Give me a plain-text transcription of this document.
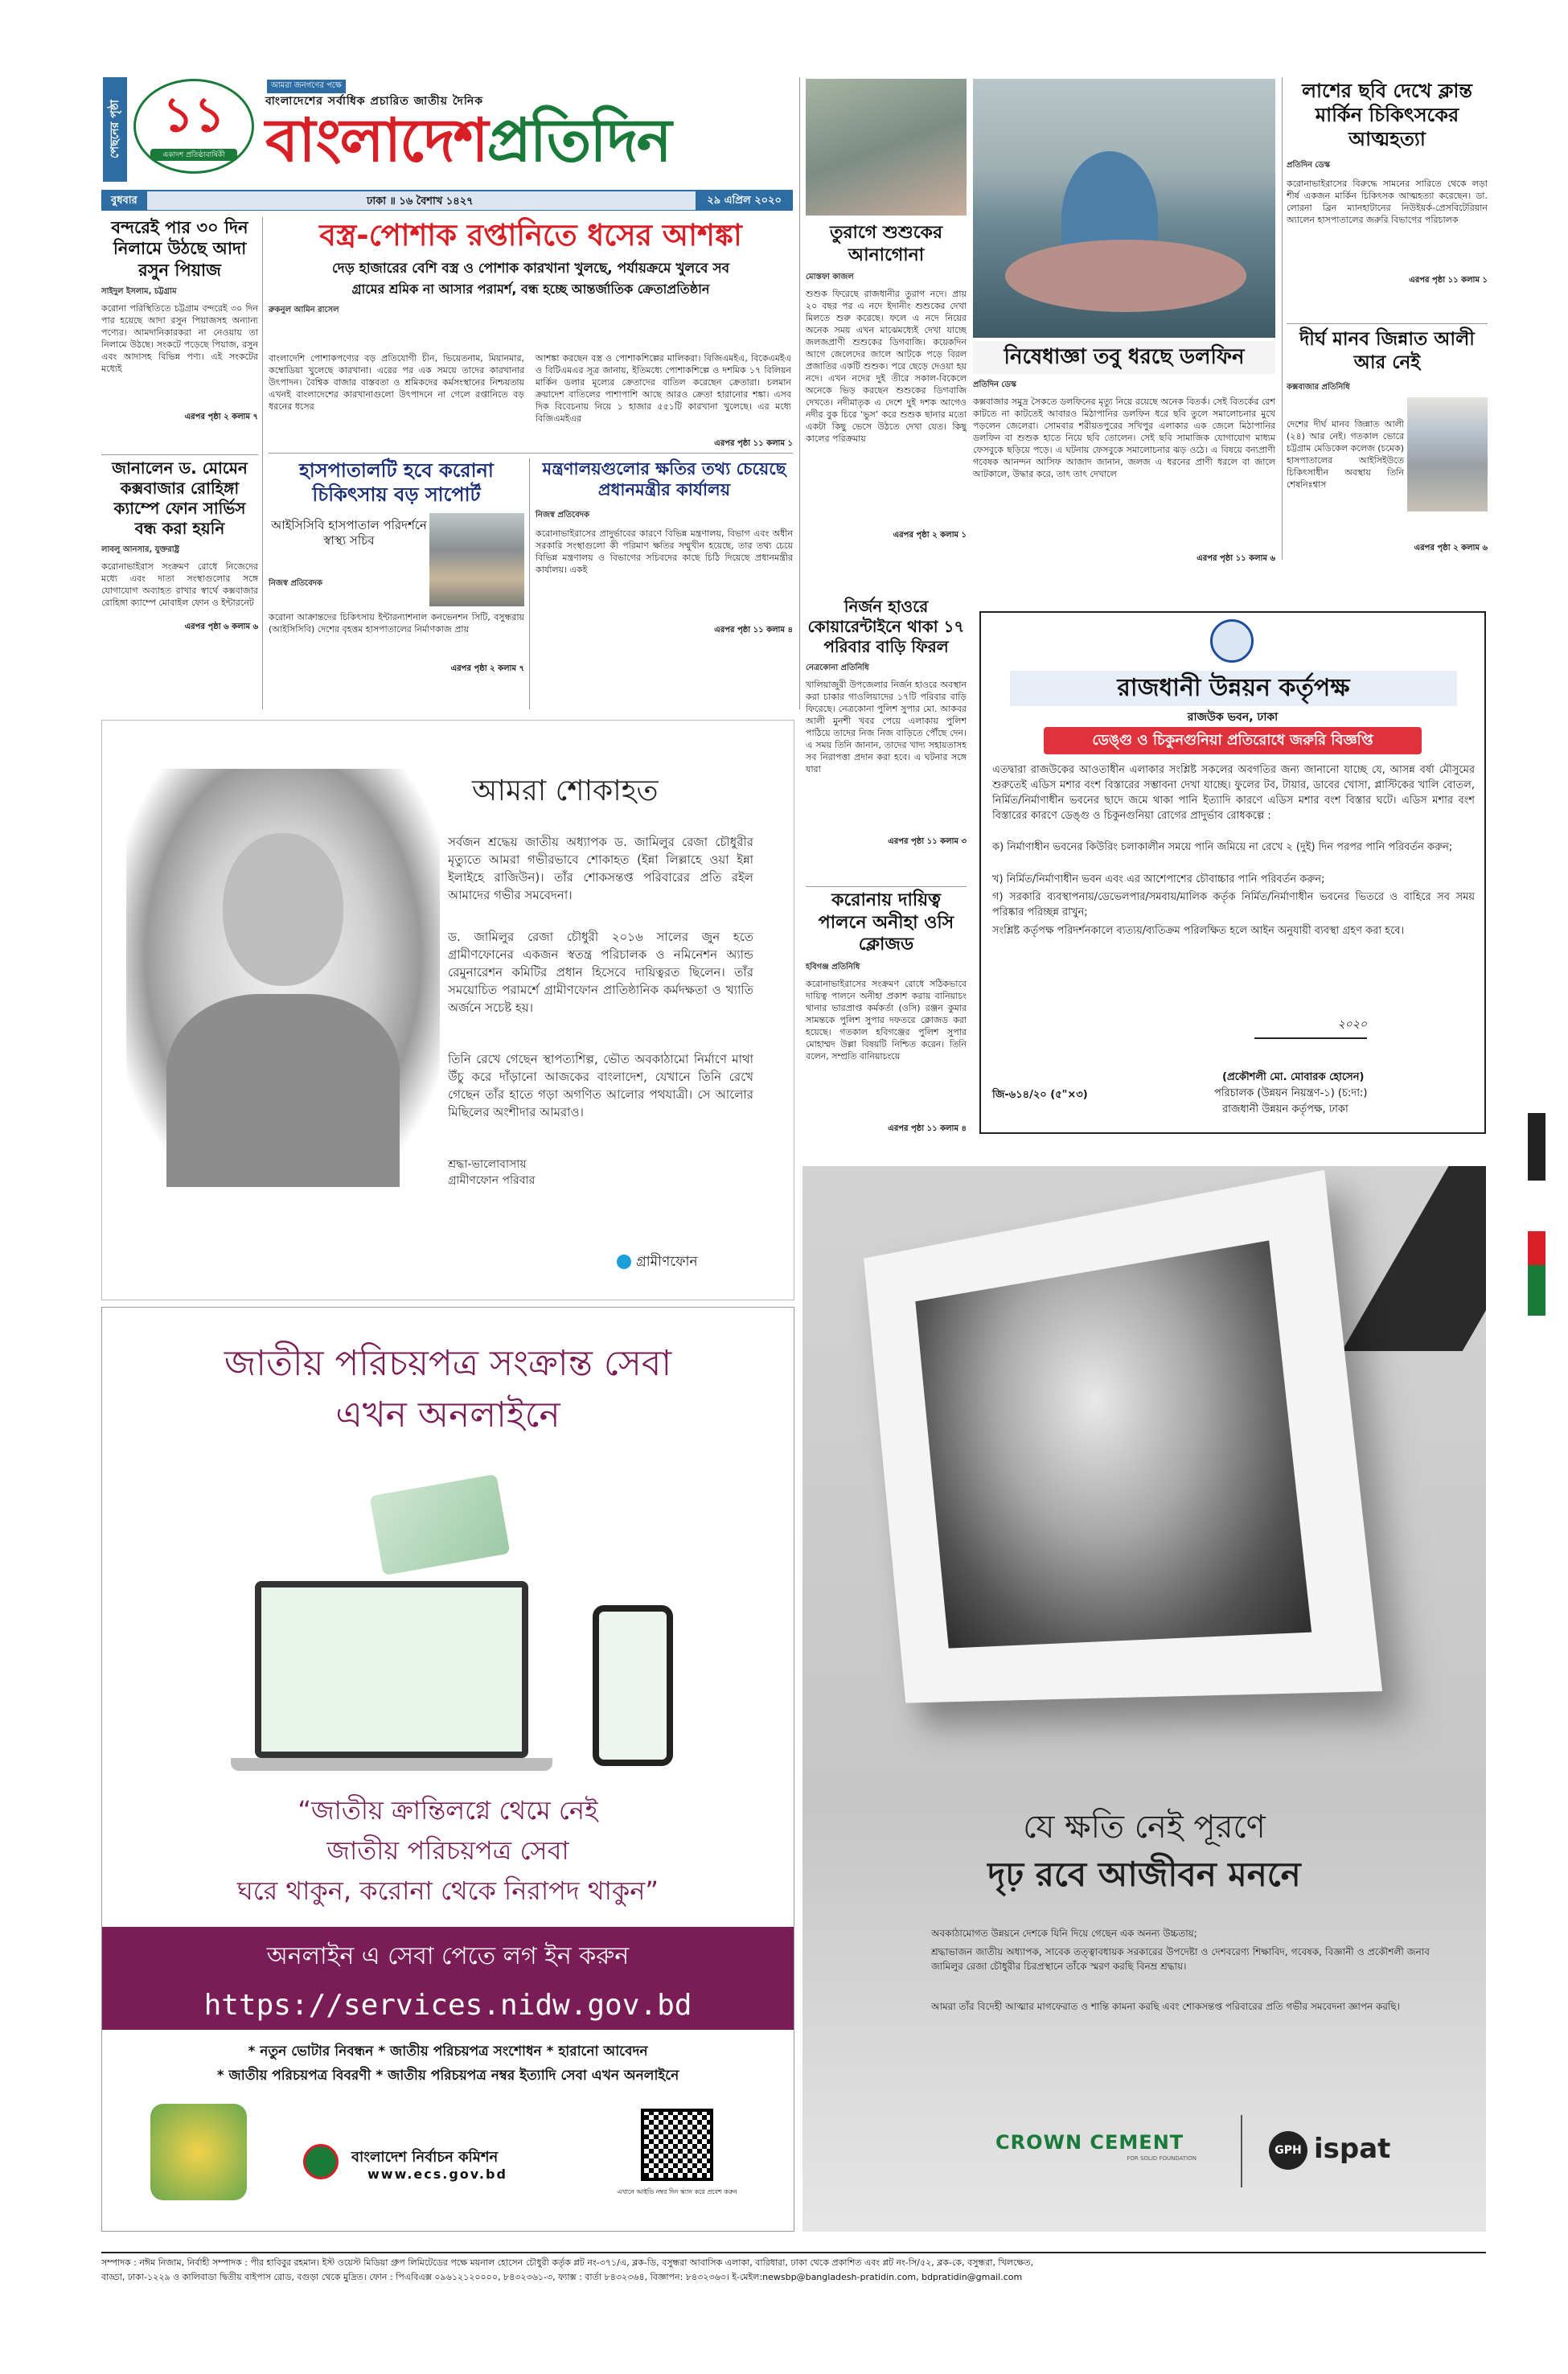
পেছনের পৃষ্ঠা ১১
একাদশ প্রতিষ্ঠাবার্ষিকী
আমরা জনগণের পক্ষে
বাংলাদেশের সর্বাধিক প্রচারিত জাতীয় দৈনিক
বাংলাদেশপ্রতিদিন
বুধবার	ঢাকা ॥ ১৬ বৈশাখ ১৪২৭	২৯ এপ্রিল ২০২০
বন্দরেই পার ৩০ দিন নিলামে উঠছে আদা রসুন পিয়াজ
সাইদুল ইসলাম, চট্টগ্রাম
করোনা পরিস্থিতিতে চট্টগ্রাম বন্দরেই ৩০ দিন পার হয়েছে আদা রসুন পিয়াজসহ অন্যান্য পণ্যের। আমদানিকারকরা না নেওয়ায় তা নিলামে উঠছে। সংকটে পড়েছে পিয়াজ, রসুন এবং আদাসহ বিভিন্ন পণ্য। এই সংকটের মধ্যেই
এরপর পৃষ্ঠা ২ কলাম ৭
জানালেন ড. মোমেন কক্সবাজার রোহিঙ্গা ক্যাম্পে ফোন সার্ভিস বন্ধ করা হয়নি
লাবলু আনসার, যুক্তরাষ্ট্র
করোনাভাইরাস সংক্রমণ রোধে নিজেদের মধ্যে এবং দাতা সংস্থাগুলোর সঙ্গে যোগাযোগ অব্যাহত রাখার স্বার্থে কক্সবাজার রোহিঙ্গা ক্যাম্পে মোবাইল ফোন ও ইন্টারনেট
এরপর পৃষ্ঠা ৬ কলাম ৬
বস্ত্র-পোশাক রপ্তানিতে ধসের আশঙ্কা
দেড় হাজারের বেশি বস্ত্র ও পোশাক কারখানা খুলছে, পর্যায়ক্রমে খুলবে সব
গ্রামের শ্রমিক না আসার পরামর্শ, বন্ধ হচ্ছে আন্তর্জাতিক ক্রেতাপ্রতিষ্ঠান
রুকনুল আমিন রাসেল
বাংলাদেশি পোশাকপণ্যের বড় প্রতিযোগী চীন, ভিয়েতনাম, মিয়ানমার, কম্বোডিয়া খুলেছে কারখানা। এরের পর এক সময়ে তাদের কারখানার উৎপাদন। বৈশ্বিক বাজার বাস্তবতা ও শ্রমিকদের কর্মসংস্থানের নিশ্চয়তায় এখনই বাংলাদেশের কারখানাগুলো উৎপাদনে না গেলে রপ্তানিতে বড় ধরনের ধসের
আশঙ্কা করছেন বস্ত্র ও পোশাকশিল্পের মালিকরা। বিজিএমইএ, বিকেএমইএ ও বিটিএমএর সূত্র জানায়, ইতিমধ্যে পোশাকশিল্পে ও দশমিক ১৭ বিলিয়ন মার্কিন ডলার মূল্যের ক্রেতাদের বাতিল করেছেন ক্রেতারা। চলমান ক্রয়াদেশ বাতিলের পাশাপাশি আছে আরও ক্রেতা হারানোর শঙ্কা। এসব দিক বিবেচনায় নিয়ে ১ হাজার ৫৫১টি কারখানা খুলেছে। এর মধ্যে বিজিএমইএর
এরপর পৃষ্ঠা ১১ কলাম ১
হাসপাতালটি হবে করোনা চিকিৎসায় বড় সাপোর্ট
আইসিসিবি হাসপাতাল পরিদর্শনে স্বাস্থ্য সচিব
নিজস্ব প্রতিবেদক
করোনা আক্রান্তদের চিকিৎসায় ইন্টারন্যাশনাল কনভেনশন সিটি, বসুন্ধরায় (আইসিসিবি) দেশের বৃহত্তম হাসপাতালের নির্মাণকাজ প্রায়
এরপর পৃষ্ঠা ২ কলাম ৭
মন্ত্রণালয়গুলোর ক্ষতির তথ্য চেয়েছে প্রধানমন্ত্রীর কার্যালয়
নিজস্ব প্রতিবেদক
করোনাভাইরাসের প্রাদুর্ভাবের কারণে বিভিন্ন মন্ত্রণালয়, বিভাগ এবং অধীন সরকারি সংস্থাগুলো কী পরিমাণ ক্ষতির সম্মুখীন হয়েছে, তার তথ্য চেয়ে বিভিন্ন মন্ত্রণালয় ও বিভাগের সচিবদের কাছে চিঠি দিয়েছে প্রধানমন্ত্রীর কার্যালয়। একই
এরপর পৃষ্ঠা ১১ কলাম ৪
তুরাগে শুশুকের আনাগোনা
মোস্তফা কাজল
শুশুক ফিরেছে রাজধানীর তুরাগ নদে। প্রায় ২০ বছর পর এ নদে ইদানীং শুশুকের দেখা মিলতে শুরু করেছে। ফলে এ নদে নিয়ের অনেক সময় এখন মাঝেমধ্যেই দেখা যাচ্ছে জলজপ্রাণী শুশুকের ডিগবাজি। কয়েকদিন আগে জেলেদের জালে আটকে পড়ে বিরল প্রজাতির একটি শুশুক। পরে ছেড়ে দেওয়া হয় নদে। এখন নদের দুই তীরে সকাল-বিকেলে অনেকে ভিড় করছেন শুশুকের ডিগবাজি দেখতে। নদীমাতৃক এ দেশে দুই দশক আগেও নদীর বুক চিরে ‘ভুস’ করে শুশুক ছানার মতো একটা কিছু ভেসে উঠতে দেখা যেত। কিছু কালের পরিক্রমায়
এরপর পৃষ্ঠা ২ কলাম ১
নিষেধাজ্ঞা তবু ধরছে ডলফিন
প্রতিদিন ডেস্ক
কক্সবাজার সমুদ্র সৈকতে ডলফিনের মৃত্যু নিয়ে রয়েছে অনেক বিতর্ক। সেই বিতর্কের রেশ কাটতে না কাটতেই আবারও মিঠাপানির ডলফিন ধরে ছবি তুলে সমালোচনার মুখে পড়লেন জেলেরা। সোমবার শরীয়তপুরের সখিপুর এলাকার এক জেলে মিঠাপানির ডলফিন বা শুশুক হাতে নিয়ে ছবি তোলেন। সেই ছবি সামাজিক যোগাযোগ মাধ্যম ফেসবুকে ছড়িয়ে পড়ে। এ ঘটনায় ফেসবুকে সমালোচনার ঝড় ওঠে। এ বিষয়ে বন্যপ্রাণী গবেষক আনন্দন আসিফ আজাদ জানান, জলজ এ ধরনের প্রাণী ধরলে বা জালে আটকালে, উদ্ধার করে, তাৎ তাৎ দেখালে
এরপর পৃষ্ঠা ১১ কলাম ৬
লাশের ছবি দেখে ক্লান্ত মার্কিন চিকিৎসকের আত্মহত্যা
প্রতিদিন ডেস্ক
করোনাভাইরাসের বিরুদ্ধে সামনের সারিতে থেকে লড়া শীর্ষ একজন মার্কিন চিকিৎসক আত্মহত্যা করেছেন। ডা. লোরনা ব্রিন ম্যানহাটানের নিউইয়র্ক-প্রেসবিটেরিয়ান অ্যালেন হাসপাতালের জরুরি বিভাগের পরিচালক
এরপর পৃষ্ঠা ১১ কলাম ১
দীর্ঘ মানব জিন্নাত আলী আর নেই
কক্সবাজার প্রতিনিধি
দেশের দীর্ঘ মানব জিন্নাত আলী (২৪) আর নেই। গতকাল ভোরে চট্টগ্রাম মেডিকেল কলেজ (চমেক) হাসপাতালের আইসিইউতে চিকিৎসাধীন অবস্থায় তিনি শেষনিঃশ্বাস
এরপর পৃষ্ঠা ২ কলাম ৬
নির্জন হাওরে কোয়ারেন্টাইনে থাকা ১৭ পরিবার বাড়ি ফিরল
নেত্রকোনা প্রতিনিধি
খালিয়াজুরী উপজেলার নির্জন হাওরে অবস্থান করা চাকার গাওলিয়াদের ১৭টি পরিবার বাড়ি ফিরেছে। নেত্রকোনা পুলিশ সুপার মো. আকবর আলী মুনশী খবর পেয়ে এলাকায় পুলিশ পাঠিয়ে তাদের নিজ নিজ বাড়িতে পৌঁছে দেন। এ সময় তিনি জানান, তাদের খাদ্য সহায়তাসহ সব নিরাপত্তা প্রদান করা হবে। এ ঘটনার সঙ্গে যারা
এরপর পৃষ্ঠা ১১ কলাম ৩
করোনায় দায়িত্ব পালনে অনীহা ওসি ক্লোজড
হবিগঞ্জ প্রতিনিধি
করোনাভাইরাসের সংক্রমণ রোধে সঠিকভাবে দায়িত্ব পালনে অনীহা প্রকাশ করায় বানিয়াচং থানার ভারপ্রাপ্ত কর্মকর্তা (ওসি) রঞ্জন কুমার সামন্তকে পুলিশ সুপার দফতরে ক্লোজড করা হয়েছে। গতকাল হবিগঞ্জের পুলিশ সুপার মোহাম্মদ উল্লা বিষয়টি নিশ্চিত করেন। তিনি বলেন, সম্প্রতি বানিয়াচংয়ে
এরপর পৃষ্ঠা ১১ কলাম ৪
আমরা শোকাহত
সর্বজন শ্রদ্ধেয় জাতীয় অধ্যাপক ড. জামিলুর রেজা চৌধুরীর মৃত্যুতে আমরা গভীরভাবে শোকাহত (ইন্না লিল্লাহে ওয়া ইন্না ইলাইহে রাজিউন)। তাঁর শোকসন্তপ্ত পরিবারের প্রতি রইল আমাদের গভীর সমবেদনা।
ড. জামিলুর রেজা চৌধুরী ২০১৬ সালের জুন হতে গ্রামীণফোনের একজন স্বতন্ত্র পরিচালক ও নমিনেশন অ্যান্ড রেমুনারেশন কমিটির প্রধান হিসেবে দায়িত্বরত ছিলেন। তাঁর সময়োচিত পরামর্শে গ্রামীণফোন প্রাতিষ্ঠানিক কর্মদক্ষতা ও খ্যাতি অর্জনে সচেষ্ট হয়।
তিনি রেখে গেছেন স্থাপত্যশিল্প, ভৌত অবকাঠামো নির্মাণে মাথা উঁচু করে দাঁড়ানো আজকের বাংলাদেশ, যেখানে তিনি রেখে গেছেন তাঁর হাতে গড়া অগণিত আলোর পথযাত্রী। সে আলোর মিছিলের অংশীদার আমরাও।
শ্রদ্ধা-ভালোবাসায়
গ্রামীণফোন পরিবার
গ্রামীণফোন
রাজধানী উন্নয়ন কর্তৃপক্ষ
রাজউক ভবন, ঢাকা
ডেঙ্গু ও চিকুনগুনিয়া প্রতিরোধে জরুরি বিজ্ঞপ্তি
এতদ্বারা রাজউকের আওতাধীন এলাকার সংশ্লিষ্ট সকলের অবগতির জন্য জানানো যাচ্ছে যে, আসন্ন বর্ষা মৌসুমের শুরুতেই এডিস মশার বংশ বিস্তারের সম্ভাবনা দেখা যাচ্ছে। ফুলের টব, টায়ার, ডাবের খোসা, প্লাস্টিকের খালি বোতল, নির্মিত/নির্মাণাধীন ভবনের ছাদে জমে থাকা পানি ইত্যাদি কারণে এডিস মশার বংশ বিস্তার ঘটে। এডিস মশার বংশ বিস্তারের কারণে ডেঙ্গু ও চিকুনগুনিয়া রোগের প্রাদুর্ভাব রোধকল্পে :
ক) নির্মাণাধীন ভবনের কিউরিং চলাকালীন সময়ে পানি জমিয়ে না রেখে ২ (দুই) দিন পরপর পানি পরিবর্তন করুন;
খ) নির্মিত/নির্মাণাধীন ভবন এবং এর আশেপাশের চৌবাচ্চার পানি পরিবর্তন করুন;
গ) সরকারি ব্যবস্থাপনায়/ডেভেলপার/সমবায়/মালিক কর্তৃক নির্মিত/নির্মাণাধীন ভবনের ভিতরে ও বাহিরে সব সময় পরিষ্কার পরিচ্ছন্ন রাখুন;
সংশ্লিষ্ট কর্তৃপক্ষ পরিদর্শনকালে ব্যত্যয়/ব্যতিক্রম পরিলক্ষিত হলে আইন অনুযায়ী ব্যবস্থা গ্রহণ করা হবে।
২০২০
(প্রকৌশলী মো. মোবারক হোসেন)
পরিচালক (উন্নয়ন নিয়ন্ত্রণ-১) (চ:দা:)
জি-৬১৪/২০ (৫"×৩)
রাজধানী উন্নয়ন কর্তৃপক্ষ, ঢাকা
জাতীয় পরিচয়পত্র সংক্রান্ত সেবা
এখন অনলাইনে
“জাতীয় ক্রান্তিলগ্নে থেমে নেই
জাতীয় পরিচয়পত্র সেবা
ঘরে থাকুন, করোনা থেকে নিরাপদ থাকুন”
অনলাইন এ সেবা পেতে লগ ইন করুন
https://services.nidw.gov.bd
* নতুন ভোটার নিবন্ধন * জাতীয় পরিচয়পত্র সংশোধন * হারানো আবেদন
* জাতীয় পরিচয়পত্র বিবরণী * জাতীয় পরিচয়পত্র নম্বর ইত্যাদি সেবা এখন অনলাইনে
বাংলাদেশ নির্বাচন কমিশন
www.ecs.gov.bd
এখানে আইডি নম্বর দিন স্ক্যান করে প্রবেশ করুন
যে ক্ষতি নেই পূরণে
দৃঢ় রবে আজীবন মননে
অবকাঠামোগত উন্নয়নে দেশকে যিনি দিয়ে গেছেন এক অনন্য উচ্চতায়;
শ্রদ্ধাভাজন জাতীয় অধ্যাপক, সাবেক তত্ত্বাবধায়ক সরকারের উপদেষ্টা ও দেশবরেণ্য শিক্ষাবিদ, গবেষক, বিজ্ঞানী ও প্রকৌশলী জনাব জামিলুর রেজা চৌধুরীর চিরপ্রস্থানে তাঁকে স্মরণ করছি বিনম্র শ্রদ্ধায়।
আমরা তাঁর বিদেহী আত্মার মাগফেরাত ও শান্তি কামনা করছি এবং শোকসন্তপ্ত পরিবারের প্রতি গভীর সমবেদনা জ্ঞাপন করছি।
CROWN CEMENT
FOR SOLID FOUNDATION
GPH ispat
সম্পাদক : নঈম নিজাম, নির্বাহী সম্পাদক : পীর হাবিবুর রহমান। ইস্ট ওয়েস্ট মিডিয়া গ্রুপ লিমিটেডের পক্ষে ময়নাল হোসেন চৌধুরী কর্তৃক প্লট নং-৩৭১/এ, ব্লক-ডি, বসুন্ধরা আবাসিক এলাকা, বারিধারা, ঢাকা থেকে প্রকাশিত এবং প্লট নং-সি/৫২, ব্লক-কে, বসুন্ধরা, খিলক্ষেত,
বাড্ডা, ঢাকা-১২২৯ ও কালিবাডা দ্বিতীয় বাইপাস রোড, বগুড়া থেকে মুদ্রিত। ফোন : পিএবিএক্স ০৯৬১২১২০০০০, ৮৪৩২৩৬১-৩, ফ্যাক্স : বার্তা ৮৪৩২৩৬৪, বিজ্ঞাপন: ৮৪৩২৩৬৩। ই-মেইল:newsbp@bangladesh-pratidin.com, bdpratidin@gmail.com
